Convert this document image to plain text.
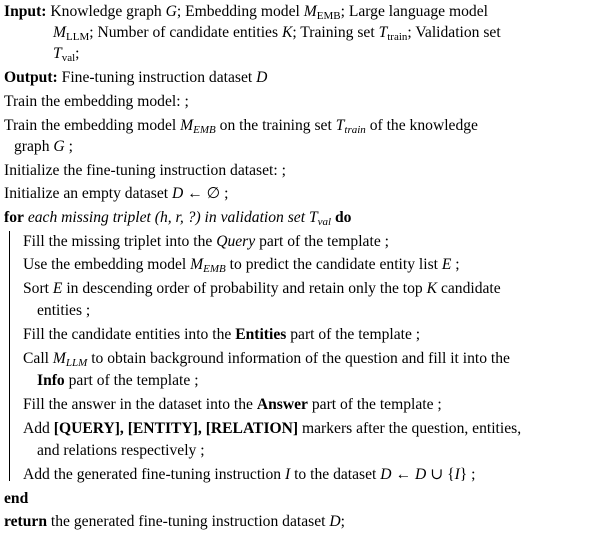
Input: Knowledge graph G; Embedding model $M_{EMB}$; Large language model
$M_{LLM}$; Number of candidate entities K; Training set $T_{train}$; Validation set
$T_{val}$;
Output: Fine-tuning instruction dataset D
Train the embedding model: ;
Train the embedding model $M_{EMB}$ on the training set $T_{train}$ of the knowledge
graph G ;
Initialize the fine-tuning instruction dataset: ;
Initialize an empty dataset D ← ∅ ;
for each missing triplet (h, r, ?) in validation set $T_{val}$ do
Fill the missing triplet into the Query part of the template ;
Use the embedding model $M_{EMB}$ to predict the candidate entity list E ;
Sort E in descending order of probability and retain only the top K candidate
entities ;
Fill the candidate entities into the Entities part of the template ;
Call $M_{LLM}$ to obtain background information of the question and fill it into the
Info part of the template ;
Fill the answer in the dataset into the Answer part of the template ;
Add [QUERY], [ENTITY], [RELATION] markers after the question, entities,
and relations respectively ;
Add the generated fine-tuning instruction I to the dataset D ← D ∪ {I} ;
end
return the generated fine-tuning instruction dataset D;
